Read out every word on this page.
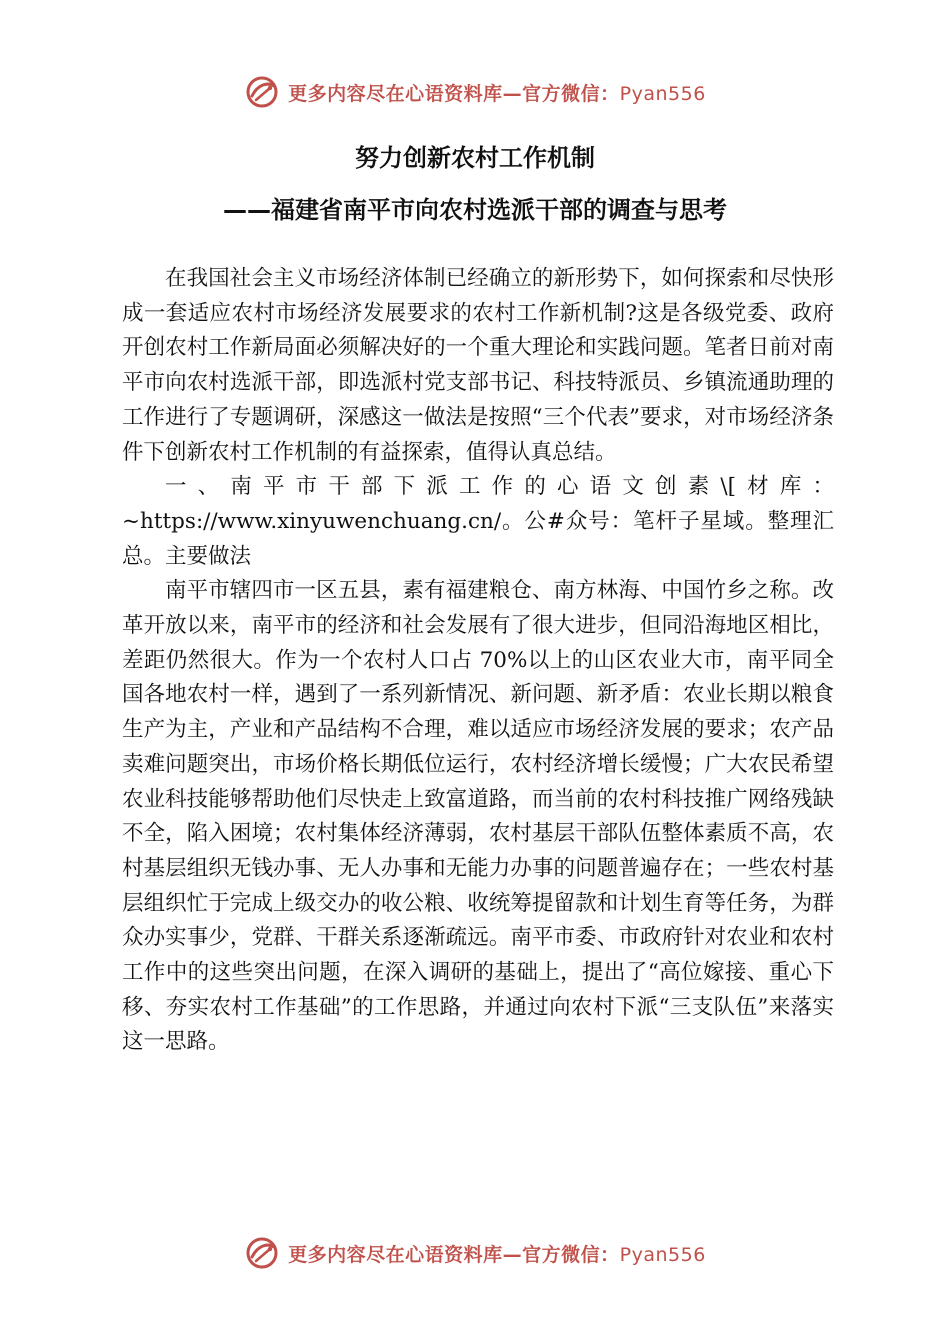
更多内容尽在心语资料库—官方微信：Pyan556
努力创新农村工作机制
——福建省南平市向农村选派干部的调查与思考

在我国社会主义市场经济体制已经确立的新形势下，如何探索和尽快形成一套适应农村市场经济发展要求的农村工作新机制?这是各级党委、政府开创农村工作新局面必须解决好的一个重大理论和实践问题。笔者日前对南平市向农村选派干部，即选派村党支部书记、科技特派员、乡镇流通助理的工作进行了专题调研，深感这一做法是按照“三个代表”要求，对市场经济条件下创新农村工作机制的有益探索，值得认真总结。

一、南平市干部下派工作的心语文创素\[材库：~https://www.xinyuwenchuang.cn/。公#众号：笔杆子星域。整理汇总。主要做法

南平市辖四市一区五县，素有福建粮仓、南方林海、中国竹乡之称。改革开放以来，南平市的经济和社会发展有了很大进步，但同沿海地区相比，差距仍然很大。作为一个农村人口占 70%以上的山区农业大市，南平同全国各地农村一样，遇到了一系列新情况、新问题、新矛盾：农业长期以粮食生产为主，产业和产品结构不合理，难以适应市场经济发展的要求；农产品卖难问题突出，市场价格长期低位运行，农村经济增长缓慢；广大农民希望农业科技能够帮助他们尽快走上致富道路，而当前的农村科技推广网络残缺不全，陷入困境；农村集体经济薄弱，农村基层干部队伍整体素质不高，农村基层组织无钱办事、无人办事和无能力办事的问题普遍存在；一些农村基层组织忙于完成上级交办的收公粮、收统筹提留款和计划生育等任务，为群众办实事少，党群、干群关系逐渐疏远。南平市委、市政府针对农业和农村工作中的这些突出问题，在深入调研的基础上，提出了“高位嫁接、重心下移、夯实农村工作基础”的工作思路，并通过向农村下派“三支队伍”来落实这一思路。

更多内容尽在心语资料库—官方微信：Pyan556
